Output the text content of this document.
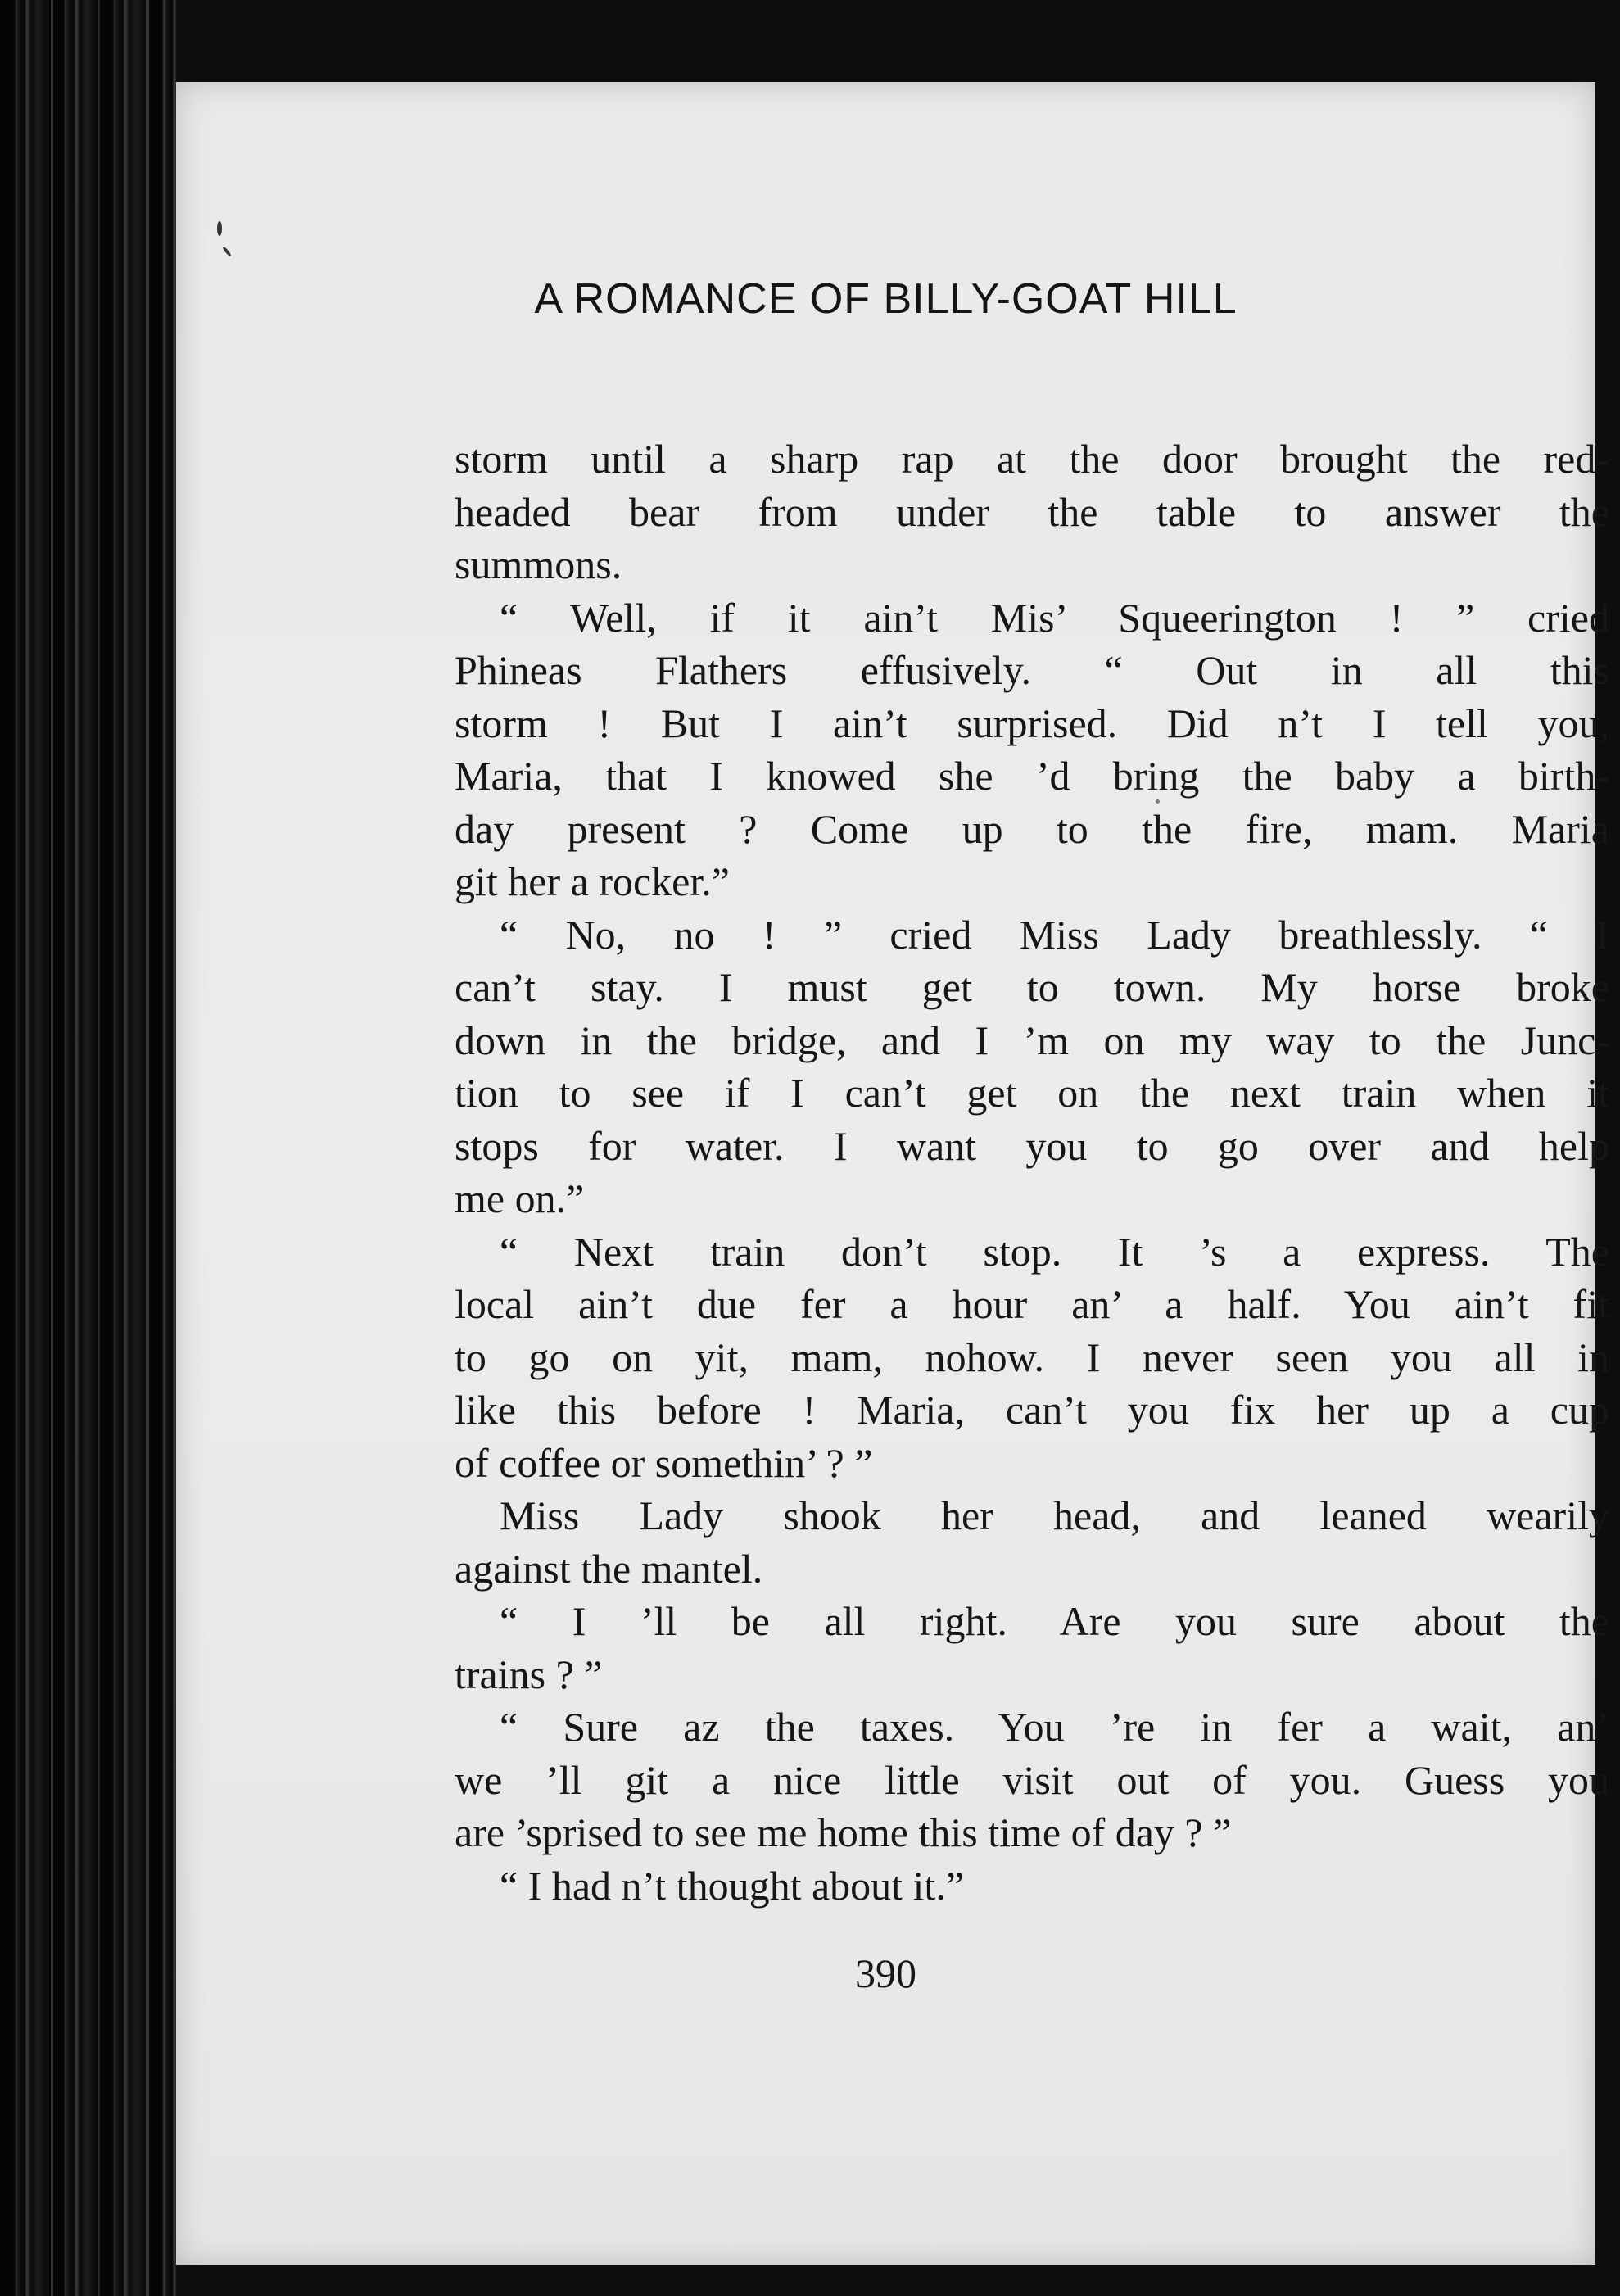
A ROMANCE OF BILLY-GOAT HILL
storm until a sharp rap at the door brought the red-
headed bear from under the table to answer the
summons.
“ Well, if it ain’t Mis’ Squeerington ! ” cried
Phineas Flathers effusively. “ Out in all this
storm ! But I ain’t surprised. Did n’t I tell you,
Maria, that I knowed she ’d bring the baby a birth-
day present ? Come up to the fire, mam. Maria
git her a rocker.”
“ No, no ! ” cried Miss Lady breathlessly. “ I
can’t stay. I must get to town. My horse broke
down in the bridge, and I ’m on my way to the Junc-
tion to see if I can’t get on the next train when it
stops for water. I want you to go over and help
me on.”
“ Next train don’t stop. It ’s a express. The
local ain’t due fer a hour an’ a half. You ain’t fit
to go on yit, mam, nohow. I never seen you all in
like this before ! Maria, can’t you fix her up a cup
of coffee or somethin’ ? ”
Miss Lady shook her head, and leaned wearily
against the mantel.
“ I ’ll be all right. Are you sure about the
trains ? ”
“ Sure az the taxes. You ’re in fer a wait, an’
we ’ll git a nice little visit out of you. Guess you
are ’sprised to see me home this time of day ? ”
“ I had n’t thought about it.”

390
